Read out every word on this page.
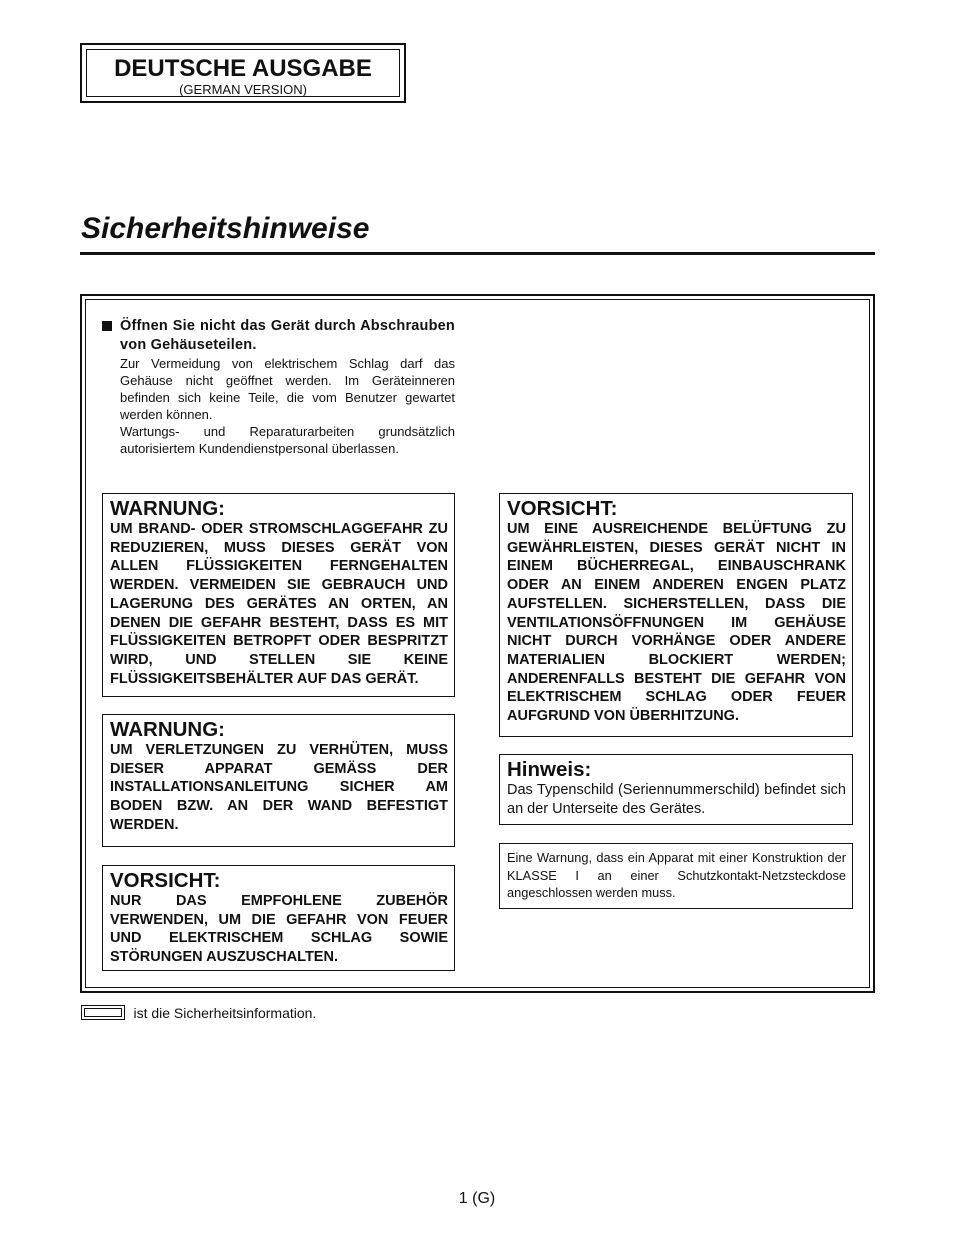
DEUTSCHE AUSGABE
(GERMAN VERSION)
Sicherheitshinweise
Öffnen Sie nicht das Gerät durch Abschrauben von Gehäuseteilen.
Zur Vermeidung von elektrischem Schlag darf das Gehäuse nicht geöffnet werden. Im Geräteinneren befinden sich keine Teile, die vom Benutzer gewartet werden können.
Wartungs- und Reparaturarbeiten grundsätzlich autorisiertem Kundendienstpersonal überlassen.
WARNUNG:
UM BRAND- ODER STROMSCHLAGGEFAHR ZU REDUZIEREN, MUSS DIESES GERÄT VON ALLEN FLÜSSIGKEITEN FERNGEHALTEN WERDEN. VERMEIDEN SIE GEBRAUCH UND LAGERUNG DES GERÄTES AN ORTEN, AN DENEN DIE GEFAHR BESTEHT, DASS ES MIT FLÜSSIGKEITEN BETROPFT ODER BESPRITZT WIRD, UND STELLEN SIE KEINE FLÜSSIGKEITSBEHÄLTER AUF DAS GERÄT.
WARNUNG:
UM VERLETZUNGEN ZU VERHÜTEN, MUSS DIESER APPARAT GEMÄSS DER INSTALLATIONSANLEITUNG SICHER AM BODEN BZW. AN DER WAND BEFESTIGT WERDEN.
VORSICHT:
NUR DAS EMPFOHLENE ZUBEHÖR VERWENDEN, UM DIE GEFAHR VON FEUER UND ELEKTRISCHEM SCHLAG SOWIE STÖRUNGEN AUSZUSCHALTEN.
VORSICHT:
UM EINE AUSREICHENDE BELÜFTUNG ZU GEWÄHRLEISTEN, DIESES GERÄT NICHT IN EINEM BÜCHERREGAL, EINBAUSCHRANK ODER AN EINEM ANDEREN ENGEN PLATZ AUFSTELLEN. SICHERSTELLEN, DASS DIE VENTILATIONSÖFFNUNGEN IM GEHÄUSE NICHT DURCH VORHÄNGE ODER ANDERE MATERIALIEN BLOCKIERT WERDEN; ANDERENFALLS BESTEHT DIE GEFAHR VON ELEKTRISCHEM SCHLAG ODER FEUER AUFGRUND VON ÜBERHITZUNG.
Hinweis:
Das Typenschild (Seriennummerschild) befindet sich an der Unterseite des Gerätes.
Eine Warnung, dass ein Apparat mit einer Konstruktion der KLASSE I an einer Schutzkontakt-Netzsteckdose angeschlossen werden muss.
ist die Sicherheitsinformation.
1 (G)
